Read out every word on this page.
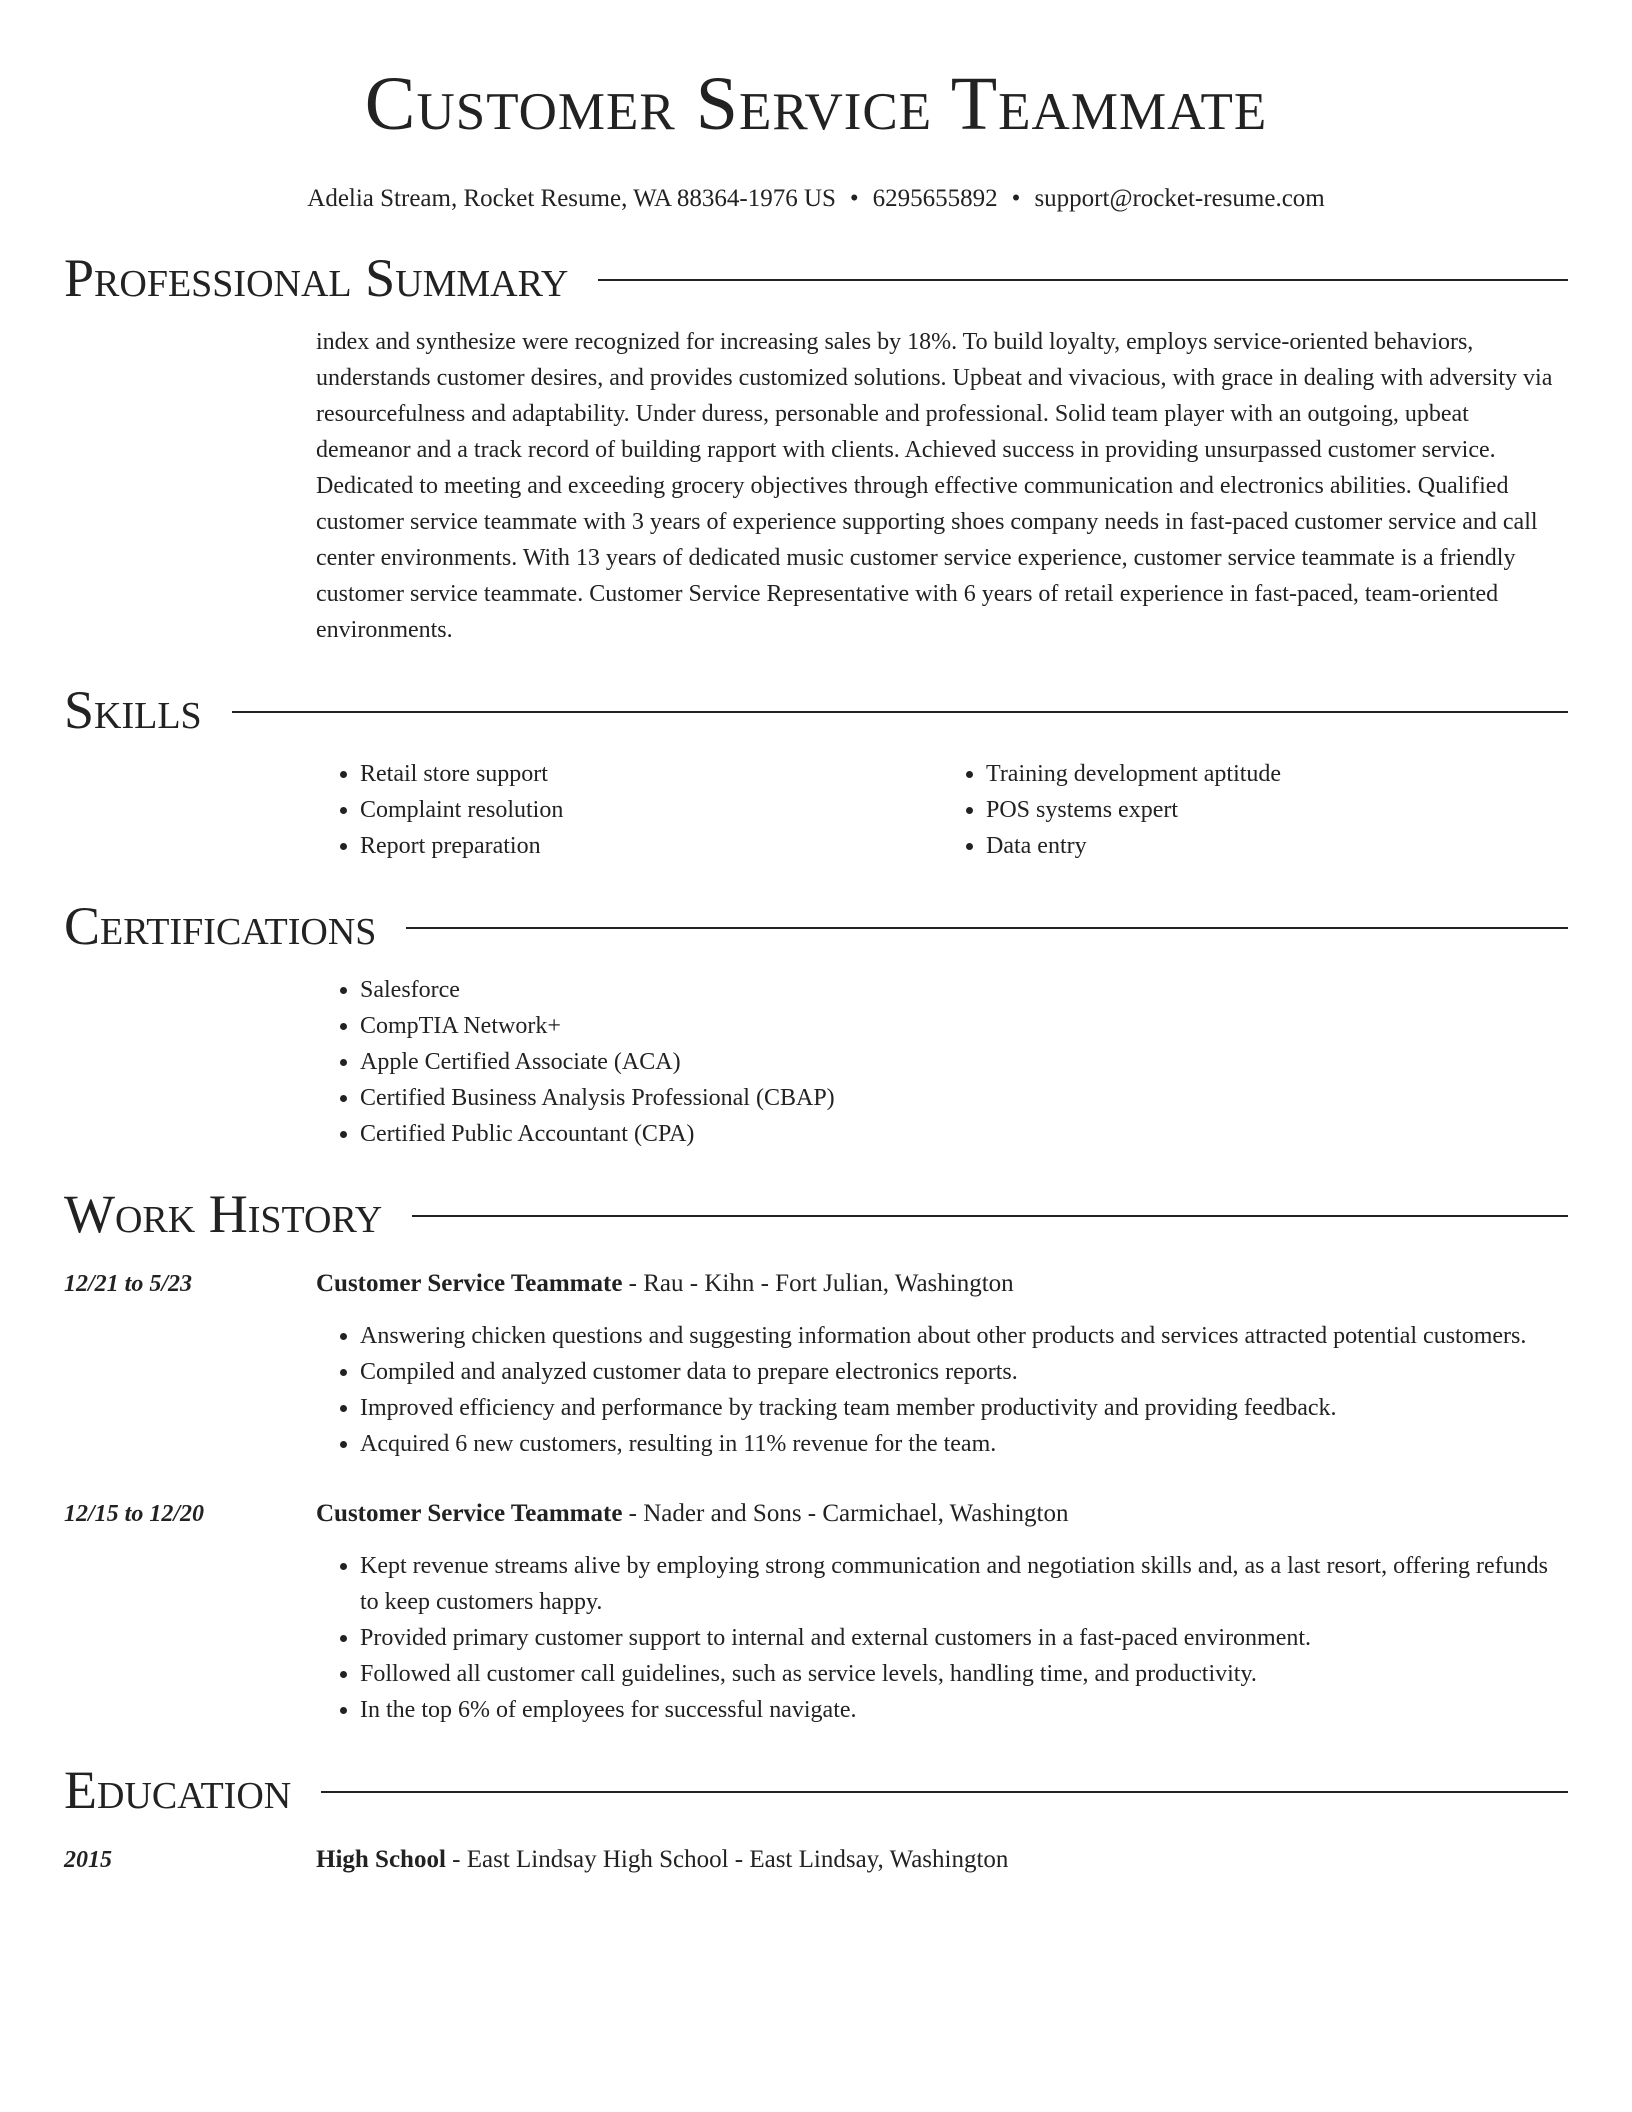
Customer Service Teammate
Adelia Stream, Rocket Resume, WA 88364-1976 US • 6295655892 • support@rocket-resume.com
Professional Summary

index and synthesize were recognized for increasing sales by 18%. To build loyalty, employs service-oriented behaviors, understands customer desires, and provides customized solutions. Upbeat and vivacious, with grace in dealing with adversity via resourcefulness and adaptability. Under duress, personable and professional. Solid team player with an outgoing, upbeat demeanor and a track record of building rapport with clients. Achieved success in providing unsurpassed customer service. Dedicated to meeting and exceeding grocery objectives through effective communication and electronics abilities. Qualified customer service teammate with 3 years of experience supporting shoes company needs in fast-paced customer service and call center environments. With 13 years of dedicated music customer service experience, customer service teammate is a friendly customer service teammate. Customer Service Representative with 6 years of retail experience in fast-paced, team-oriented environments.

Skills
• Retail store support
• Complaint resolution
• Report preparation
• Training development aptitude
• POS systems expert
• Data entry
Certifications
• Salesforce
• CompTIA Network+
• Apple Certified Associate (ACA)
• Certified Business Analysis Professional (CBAP)
• Certified Public Accountant (CPA)
Work History
12/21 to 5/23	Customer Service Teammate - Rau - Kihn - Fort Julian, Washington
• Answering chicken questions and suggesting information about other products and services attracted potential customers.
• Compiled and analyzed customer data to prepare electronics reports.
• Improved efficiency and performance by tracking team member productivity and providing feedback.
• Acquired 6 new customers, resulting in 11% revenue for the team.
12/15 to 12/20	Customer Service Teammate - Nader and Sons - Carmichael, Washington
• Kept revenue streams alive by employing strong communication and negotiation skills and, as a last resort, offering refunds to keep customers happy.
• Provided primary customer support to internal and external customers in a fast-paced environment.
• Followed all customer call guidelines, such as service levels, handling time, and productivity.
• In the top 6% of employees for successful navigate.
Education
2015	High School - East Lindsay High School - East Lindsay, Washington
